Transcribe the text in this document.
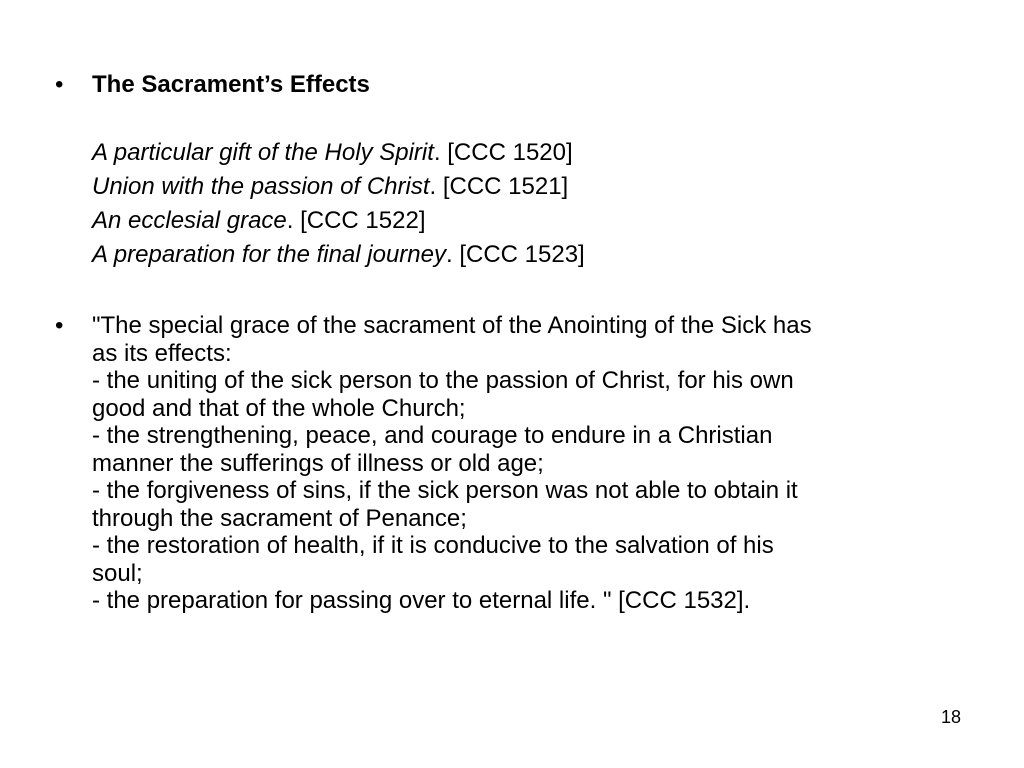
• The Sacrament’s Effects

A particular gift of the Holy Spirit. [CCC 1520]
Union with the passion of Christ. [CCC 1521]
An ecclesial grace. [CCC 1522]
A preparation for the final journey. [CCC 1523]
• "The special grace of the sacrament of the Anointing of the Sick has
as its effects:
- the uniting of the sick person to the passion of Christ, for his own
good and that of the whole Church;
- the strengthening, peace, and courage to endure in a Christian
manner the sufferings of illness or old age;
- the forgiveness of sins, if the sick person was not able to obtain it
through the sacrament of Penance;
- the restoration of health, if it is conducive to the salvation of his
soul;
- the preparation for passing over to eternal life. " [CCC 1532].
18
